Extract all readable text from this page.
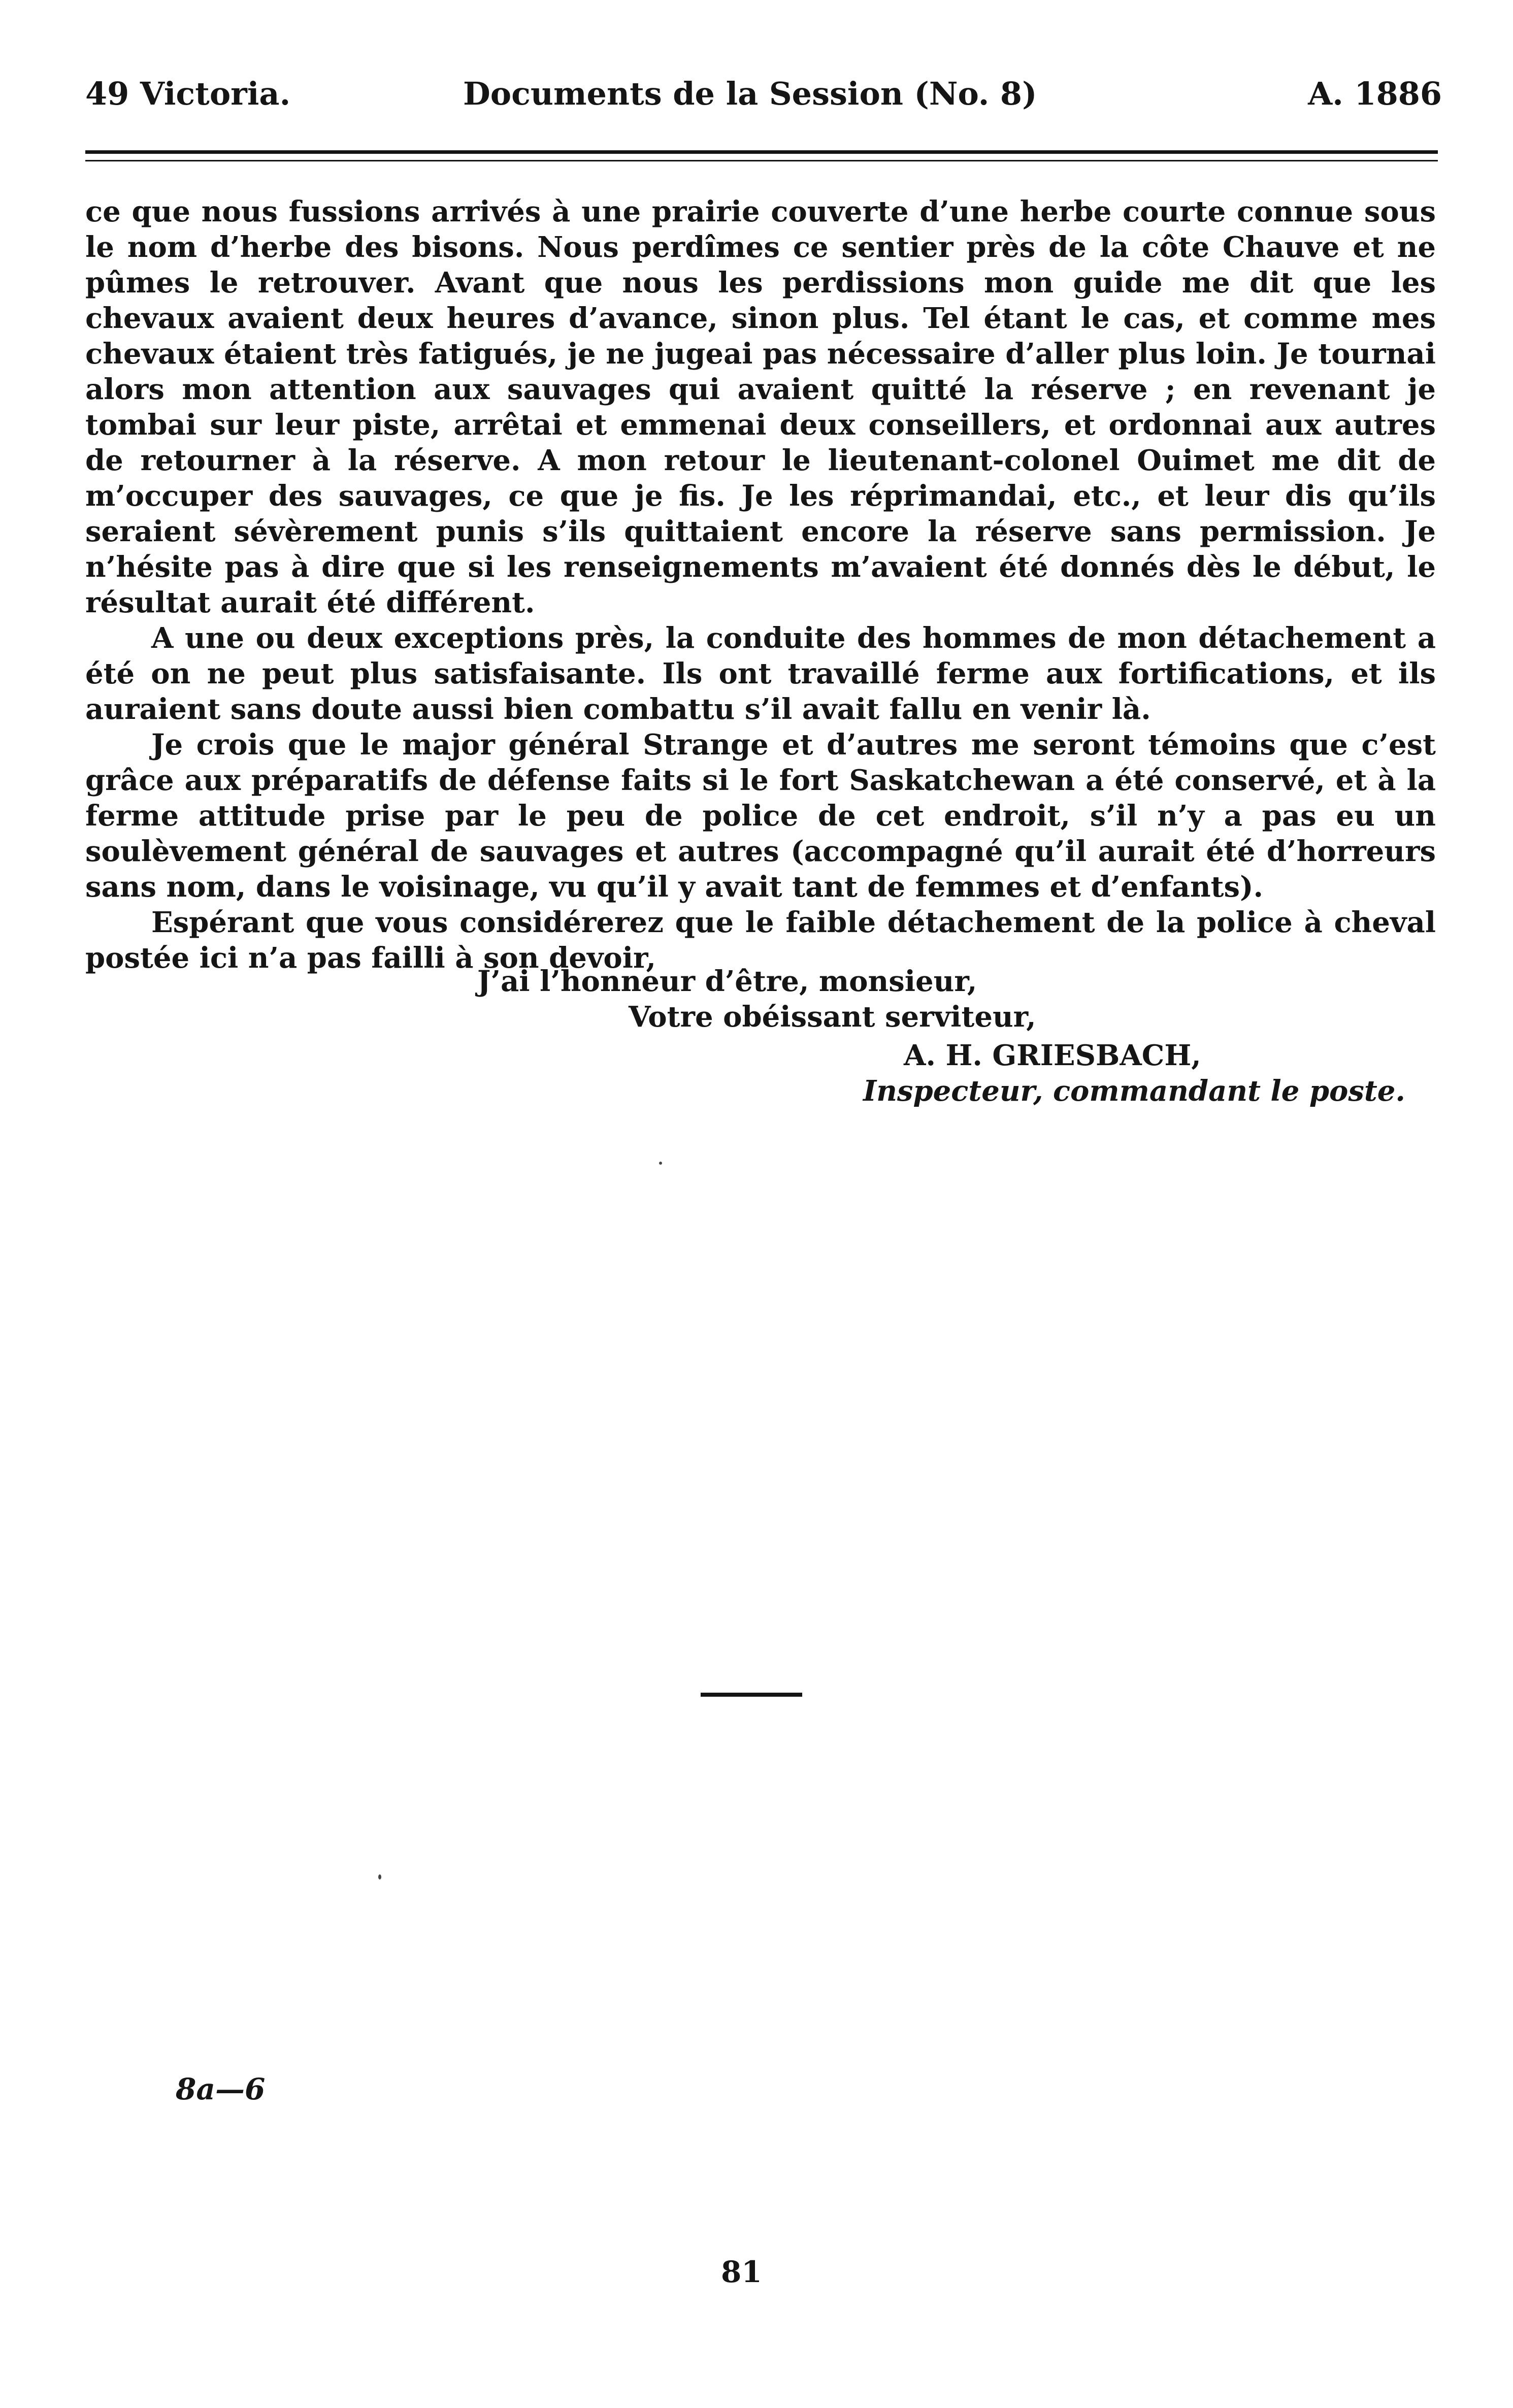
49 Victoria.	Documents de la Session (No. 8)	A. 1886

ce que nous fussions arrivés à une prairie couverte d’une herbe courte connue sous le nom d’herbe des bisons. Nous perdîmes ce sentier près de la côte Chauve et ne pûmes le retrouver. Avant que nous les perdissions mon guide me dit que les chevaux avaient deux heures d’avance, sinon plus. Tel étant le cas, et comme mes chevaux étaient très fatigués, je ne jugeai pas nécessaire d’aller plus loin. Je tournai alors mon attention aux sauvages qui avaient quitté la réserve ; en revenant je tombai sur leur piste, arrêtai et emmenai deux conseillers, et ordonnai aux autres de retourner à la réserve. A mon retour le lieutenant-colonel Ouimet me dit de m’occuper des sauvages, ce que je fis. Je les réprimandai, etc., et leur dis qu’ils seraient sévèrement punis s’ils quittaient encore la réserve sans permission. Je n’hésite pas à dire que si les renseignements m’avaient été donnés dès le début, le résultat aurait été différent.

A une ou deux exceptions près, la conduite des hommes de mon détachement a été on ne peut plus satisfaisante. Ils ont travaillé ferme aux fortifications, et ils auraient sans doute aussi bien combattu s’il avait fallu en venir là.

Je crois que le major général Strange et d’autres me seront témoins que c’est grâce aux préparatifs de défense faits si le fort Saskatchewan a été conservé, et à la ferme attitude prise par le peu de police de cet endroit, s’il n’y a pas eu un soulèvement général de sauvages et autres (accompagné qu’il aurait été d’horreurs sans nom, dans le voisinage, vu qu’il y avait tant de femmes et d’enfants).

Espérant que vous considérerez que le faible détachement de la police à cheval postée ici n’a pas failli à son devoir,

J’ai l’honneur d’être, monsieur,
Votre obéissant serviteur,
A. H. GRIESBACH,
Inspecteur, commandant le poste.
8a—6
81
